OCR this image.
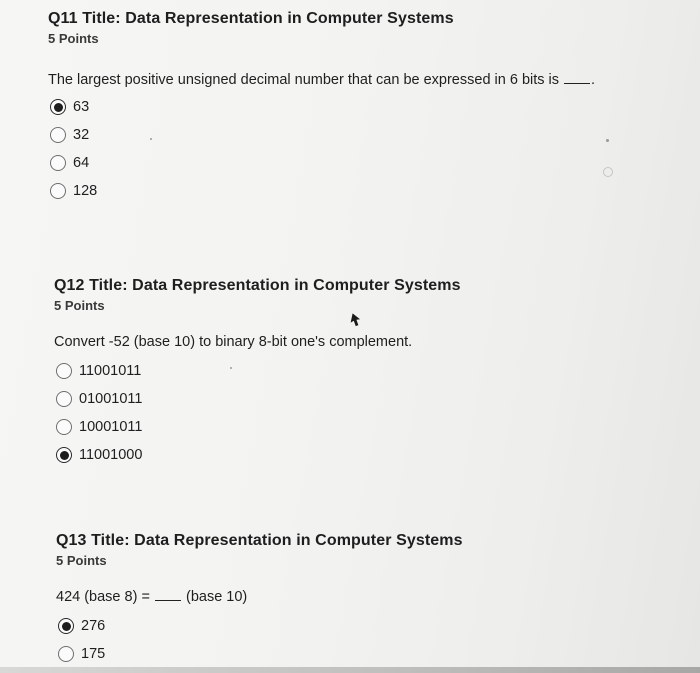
Q11 Title: Data Representation in Computer Systems
5 Points
The largest positive unsigned decimal number that can be expressed in 6 bits is .
63
32
64
128
Q12 Title: Data Representation in Computer Systems
5 Points
Convert -52 (base 10) to binary 8-bit one's complement.
11001011
01001011
10001011
11001000
Q13 Title: Data Representation in Computer Systems
5 Points
424 (base 8) = (base 10)
276
175
